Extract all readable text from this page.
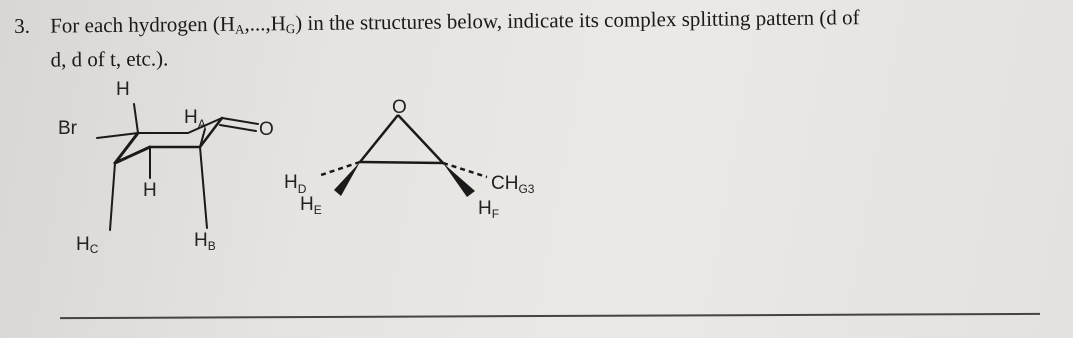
3. For each hydrogen $(H_A,...,H_G)$ in the structures below, indicate its complex splitting pattern (d of
d, d of t, etc.).
H
Br
$H_A$	O
H
HC	$H_B$
O
$H_D$
$H_E$
$CH_{G3}$
$H_F$
